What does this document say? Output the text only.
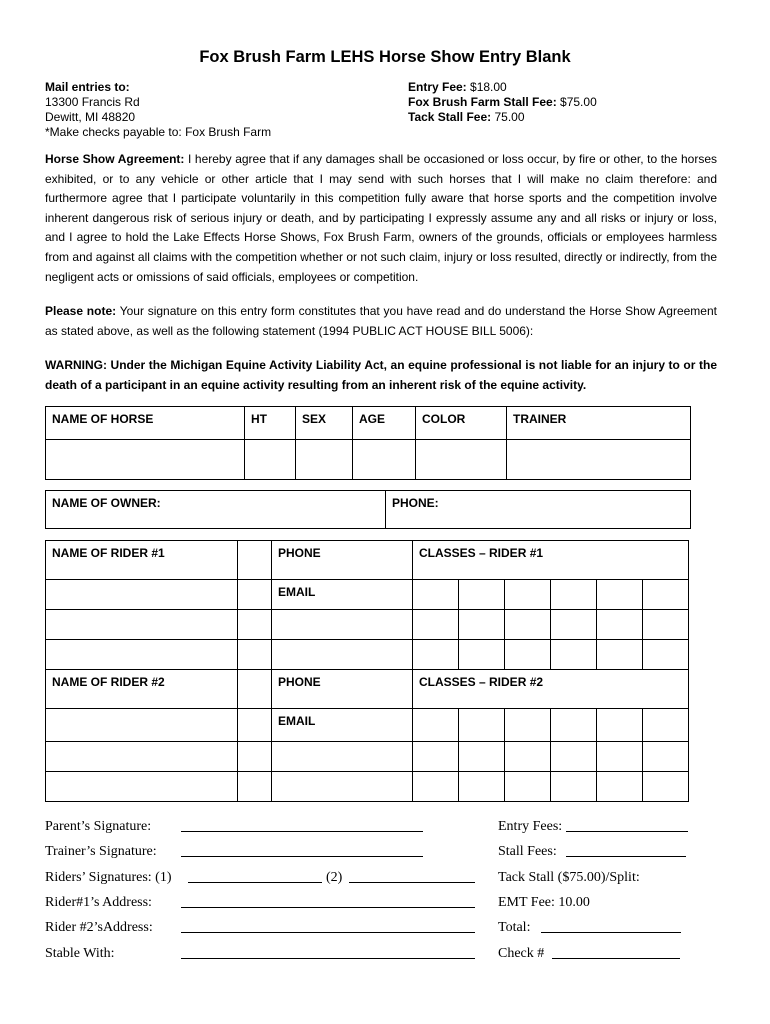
Fox Brush Farm LEHS Horse Show Entry Blank
Mail entries to:
13300 Francis Rd
Dewitt, MI 48820
*Make checks payable to: Fox Brush Farm
Entry Fee: $18.00
Fox Brush Farm Stall Fee: $75.00
Tack Stall Fee: 75.00
Horse Show Agreement: I hereby agree that if any damages shall be occasioned or loss occur, by fire or other, to the horses exhibited, or to any vehicle or other article that I may send with such horses that I will make no claim therefore: and furthermore agree that I participate voluntarily in this competition fully aware that horse sports and the competition involve inherent dangerous risk of serious injury or death, and by participating I expressly assume any and all risks or injury or loss, and I agree to hold the Lake Effects Horse Shows, Fox Brush Farm, owners of the grounds, officials or employees harmless from and against all claims with the competition whether or not such claim, injury or loss resulted, directly or indirectly, from the negligent acts or omissions of said officials, employees or competition.
Please note: Your signature on this entry form constitutes that you have read and do understand the Horse Show Agreement as stated above, as well as the following statement (1994 PUBLIC ACT HOUSE BILL 5006):
WARNING: Under the Michigan Equine Activity Liability Act, an equine professional is not liable for an injury to or the death of a participant in an equine activity resulting from an inherent risk of the equine activity.
NAME OF HORSE	HT	SEX	AGE	COLOR	TRAINER

NAME OF OWNER:	PHONE:
NAME OF RIDER #1		PHONE	CLASSES – RIDER #1					
		EMAIL						

NAME OF RIDER #2		PHONE	CLASSES – RIDER #2					
		EMAIL						

Parent’s Signature:
Trainer’s Signature:
Riders’ Signatures: (1)	(2)
Rider#1’s Address:
Rider #2’sAddress:
Stable With:
Entry Fees:
Stall Fees:
Tack Stall ($75.00)/Split:
EMT Fee: 10.00
Total:
Check #
